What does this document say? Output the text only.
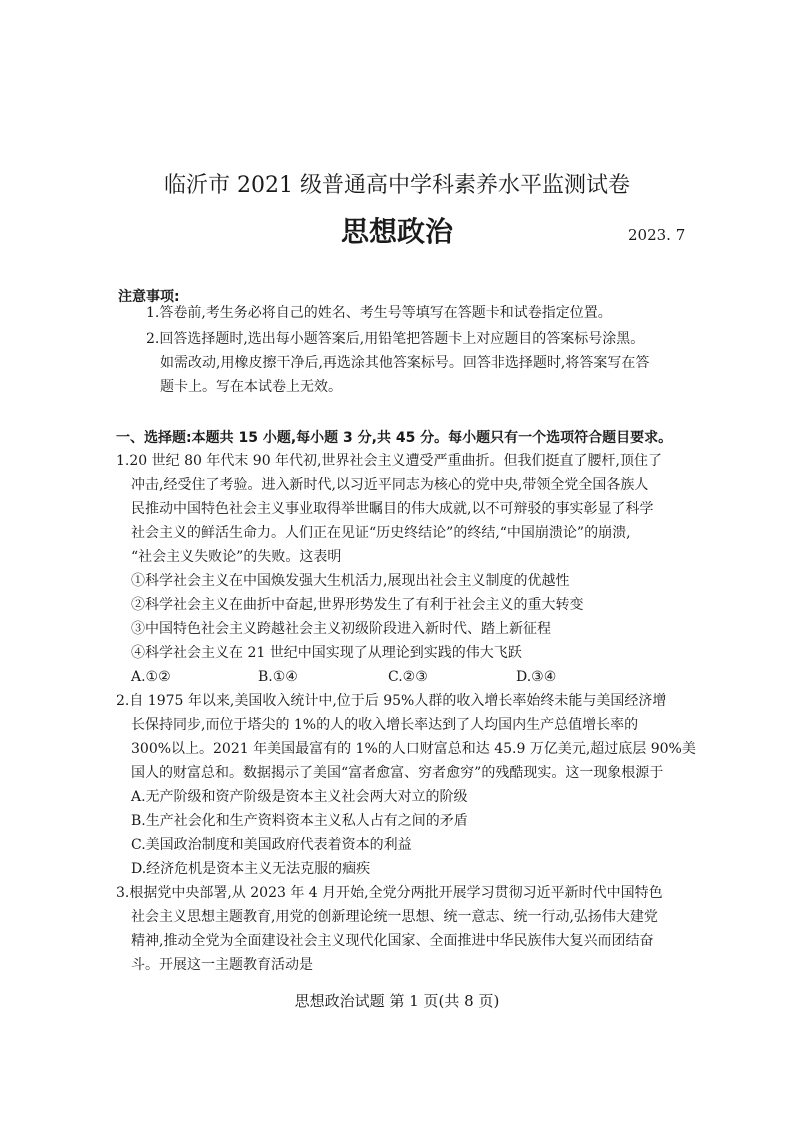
临沂市 2021 级普通高中学科素养水平监测试卷
思想政治	2023. 7
注意事项:
1.答卷前,考生务必将自己的姓名、考生号等填写在答题卡和试卷指定位置。
2.回答选择题时,选出每小题答案后,用铅笔把答题卡上对应题目的答案标号涂黑。
如需改动,用橡皮擦干净后,再选涂其他答案标号。回答非选择题时,将答案写在答
题卡上。写在本试卷上无效。
一、选择题:本题共 15 小题,每小题 3 分,共 45 分。每小题只有一个选项符合题目要求。
1.20 世纪 80 年代末 90 年代初,世界社会主义遭受严重曲折。但我们挺直了腰杆,顶住了
冲击,经受住了考验。进入新时代,以习近平同志为核心的党中央,带领全党全国各族人
民推动中国特色社会主义事业取得举世瞩目的伟大成就,以不可辩驳的事实彰显了科学
社会主义的鲜活生命力。人们正在见证“历史终结论”的终结,“中国崩溃论”的崩溃,
“社会主义失败论”的失败。这表明
①科学社会主义在中国焕发强大生机活力,展现出社会主义制度的优越性
②科学社会主义在曲折中奋起,世界形势发生了有利于社会主义的重大转变
③中国特色社会主义跨越社会主义初级阶段进入新时代、踏上新征程
④科学社会主义在 21 世纪中国实现了从理论到实践的伟大飞跃
A.①②	B.①④	C.②③	D.③④
2.自 1975 年以来,美国收入统计中,位于后 95%人群的收入增长率始终未能与美国经济增
长保持同步,而位于塔尖的 1%的人的收入增长率达到了人均国内生产总值增长率的
300%以上。2021 年美国最富有的 1%的人口财富总和达 45.9 万亿美元,超过底层 90%美
国人的财富总和。数据揭示了美国“富者愈富、穷者愈穷”的残酷现实。这一现象根源于
A.无产阶级和资产阶级是资本主义社会两大对立的阶级
B.生产社会化和生产资料资本主义私人占有之间的矛盾
C.美国政治制度和美国政府代表着资本的利益
D.经济危机是资本主义无法克服的痼疾
3.根据党中央部署,从 2023 年 4 月开始,全党分两批开展学习贯彻习近平新时代中国特色
社会主义思想主题教育,用党的创新理论统一思想、统一意志、统一行动,弘扬伟大建党
精神,推动全党为全面建设社会主义现代化国家、全面推进中华民族伟大复兴而团结奋
斗。开展这一主题教育活动是
思想政治试题 第 1 页(共 8 页)
